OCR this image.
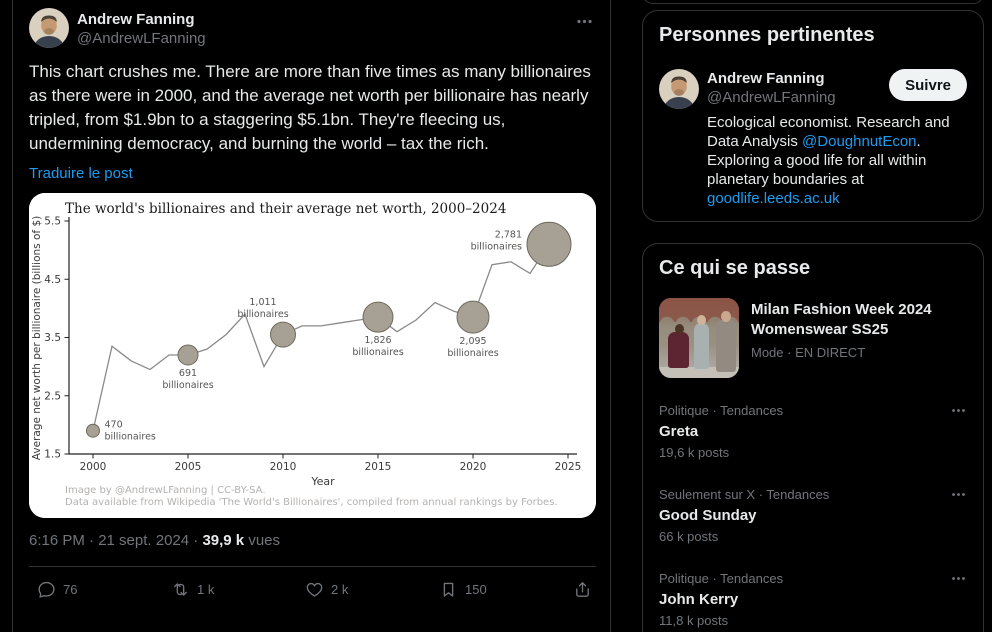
Andrew Fanning
@AndrewLFanning
This chart crushes me. There are more than five times as many billionaires as there were in 2000, and the average net worth per billionaire has nearly tripled, from $1.9bn to a staggering $5.1bn. They're fleecing us, undermining democracy, and burning the world – tax the rich.
Traduire le post
1.5
2.5
3.5
4.5
5.5
2000	2005	2010	2015	2020	2025
The world's billionaires and their average net worth, 2000–2024
Year
Average net worth per billionaire (billions of $)	470
billionaires
691
billionaires
1,011
billionaires
1,826
billionaires
2,095
billionaires
2,781
billionaires
Image by @AndrewLFanning | CC-BY-SA.
Data available from Wikipedia 'The World's Billionaires', compiled from annual rankings by Forbes.
6:16 PM · 21 sept. 2024 · 39,9 k vues
76	1 k	2 k	150
Personnes pertinentes
Andrew Fanning
@AndrewLFanning
Suivre
Ecological economist. Research and Data Analysis @DoughnutEcon. Exploring a good life for all within planetary boundaries at goodlife.leeds.ac.uk
Ce qui se passe
Milan Fashion Week 2024 Womenswear SS25
Mode · EN DIRECT
Politique · Tendances
Greta
19,6 k posts
Seulement sur X · Tendances
Good Sunday
66 k posts
Politique · Tendances
John Kerry
11,8 k posts
